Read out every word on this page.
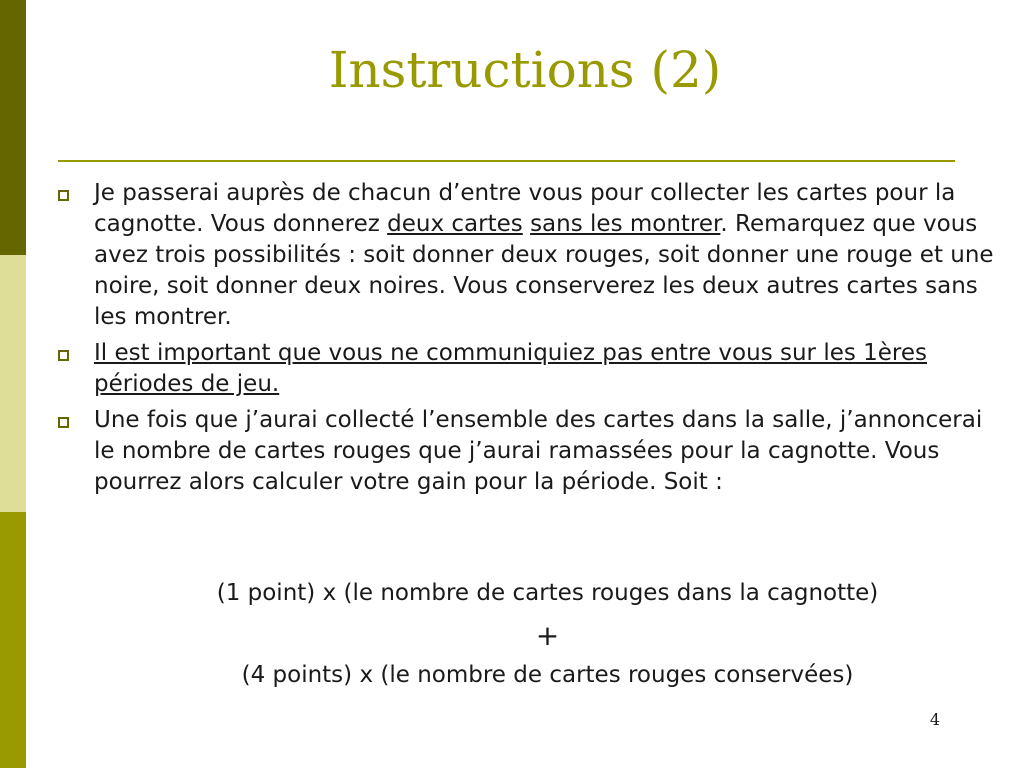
Instructions (2)
Je passerai auprès de chacun d’entre vous pour collecter les cartes pour la cagnotte. Vous donnerez deux cartes sans les montrer. Remarquez que vous avez trois possibilités : soit donner deux rouges, soit donner une rouge et une noire, soit donner deux noires. Vous conserverez les deux autres cartes sans les montrer.
Il est important que vous ne communiquiez pas entre vous sur les 1ères périodes de jeu.
Une fois que j’aurai collecté l’ensemble des cartes dans la salle, j’annoncerai le nombre de cartes rouges que j’aurai ramassées pour la cagnotte. Vous pourrez alors calculer votre gain pour la période. Soit :
(1 point) x (le nombre de cartes rouges dans la cagnotte)
+
(4 points) x (le nombre de cartes rouges conservées)
4
